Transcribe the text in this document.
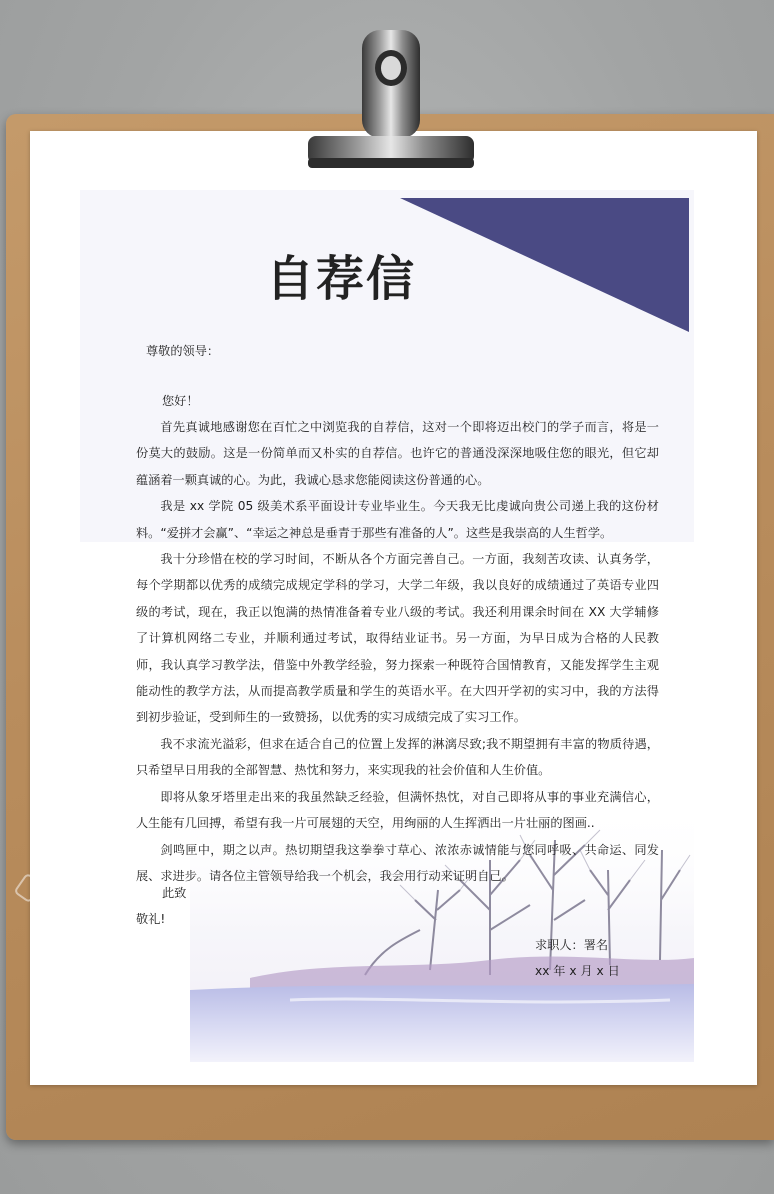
自荐信

尊敬的领导：

您好！

首先真诚地感谢您在百忙之中浏览我的自荐信，这对一个即将迈出校门的学子而言，将是一份莫大的鼓励。这是一份简单而又朴实的自荐信。也许它的普通没深深地吸住您的眼光，但它却蕴涵着一颗真诚的心。为此，我诚心恳求您能阅读这份普通的心。

我是 xx 学院 05 级美术系平面设计专业毕业生。今天我无比虔诚向贵公司递上我的这份材料。“爱拼才会赢”、“幸运之神总是垂青于那些有准备的人”。这些是我崇高的人生哲学。

我十分珍惜在校的学习时间，不断从各个方面完善自己。一方面，我刻苦攻读、认真务学，每个学期都以优秀的成绩完成规定学科的学习，大学二年级，我以良好的成绩通过了英语专业四级的考试，现在，我正以饱满的热情准备着专业八级的考试。我还利用课余时间在 XX 大学辅修了计算机网络二专业，并顺利通过考试，取得结业证书。另一方面，为早日成为合格的人民教师，我认真学习教学法，借鉴中外教学经验，努力探索一种既符合国情教育，又能发挥学生主观能动性的教学方法，从而提高教学质量和学生的英语水平。在大四开学初的实习中，我的方法得到初步验证，受到师生的一致赞扬，以优秀的实习成绩完成了实习工作。

我不求流光溢彩，但求在适合自己的位置上发挥的淋漓尽致;我不期望拥有丰富的物质待遇，只希望早日用我的全部智慧、热忱和努力，来实现我的社会价值和人生价值。

即将从象牙塔里走出来的我虽然缺乏经验，但满怀热忱，对自己即将从事的事业充满信心，人生能有几回搏，希望有我一片可展翅的天空，用绚丽的人生挥洒出一片壮丽的图画..

剑鸣匣中，期之以声。热切期望我这拳拳寸草心、浓浓赤诚情能与您同呼吸、共命运、同发展、求进步。请各位主管领导给我一个机会，我会用行动来证明自己。

此致

敬礼!

求职人：署名

xx 年 x 月 x 日
